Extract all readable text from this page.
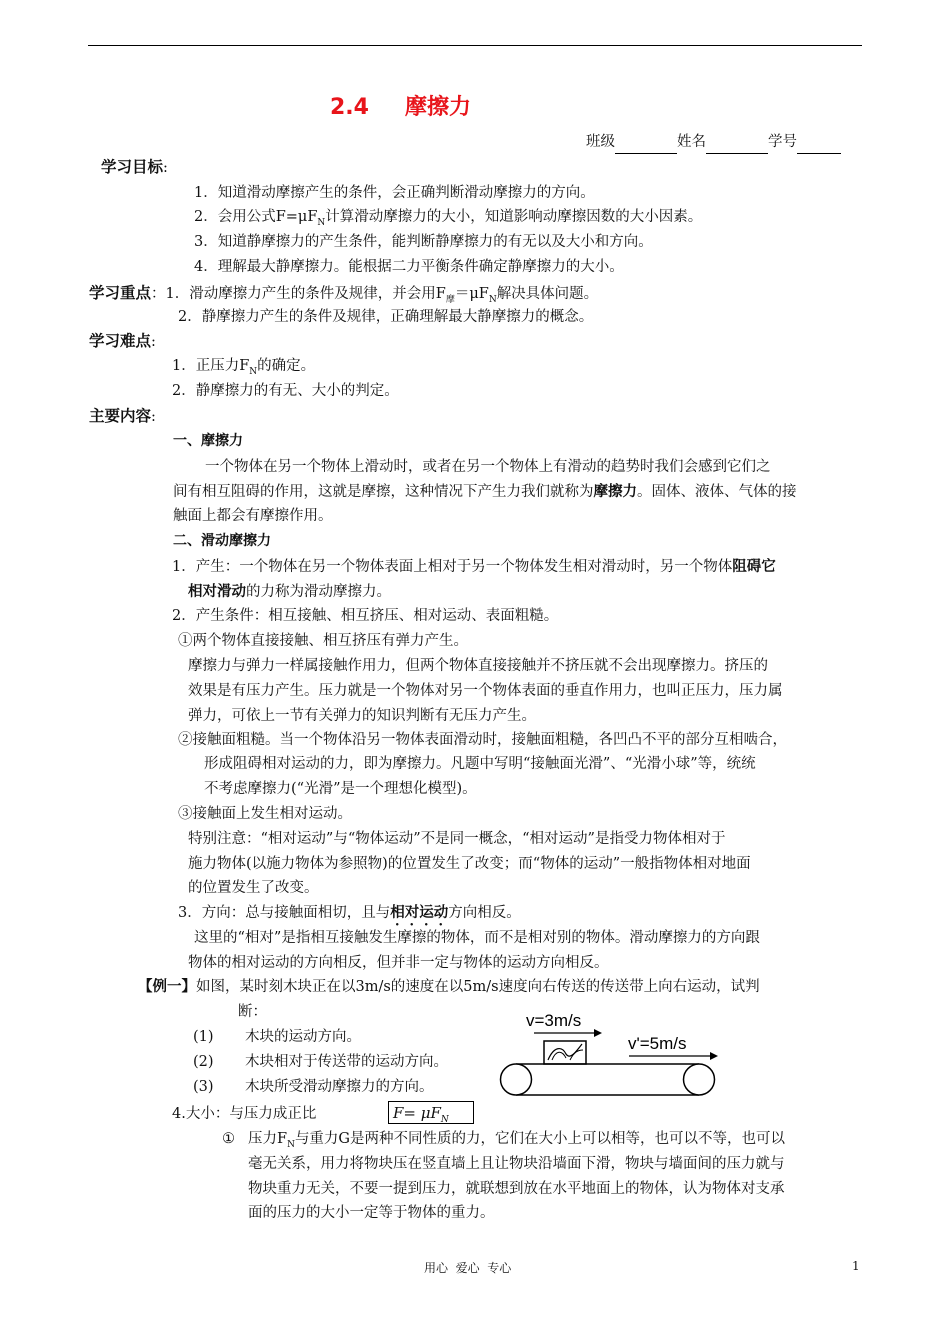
2.4 摩擦力
班级	姓名	学号
学习目标:
1．知道滑动摩擦产生的条件，会正确判断滑动摩擦力的方向。
2．会用公式$F=\mu F_N$计算滑动摩擦力的大小，知道影响动摩擦因数的大小因素。
3．知道静摩擦力的产生条件，能判断静摩擦力的有无以及大小和方向。
4．理解最大静摩擦力。能根据二力平衡条件确定静摩擦力的大小。
学习重点：1．滑动摩擦力产生的条件及规律，并会用$F_摩=\mu F_N$解决具体问题。
2．静摩擦力产生的条件及规律，正确理解最大静摩擦力的概念。
学习难点:
1．正压力$F_N$的确定。
2．静摩擦力的有无、大小的判定。
主要内容:
一、摩擦力
一个物体在另一个物体上滑动时，或者在另一个物体上有滑动的趋势时我们会感到它们之
间有相互阻碍的作用，这就是摩擦，这种情况下产生力我们就称为摩擦力。固体、液体、气体的接
触面上都会有摩擦作用。
二、滑动摩擦力
1．产生：一个物体在另一个物体表面上相对于另一个物体发生相对滑动时，另一个物体阻碍它
相对滑动的力称为滑动摩擦力。
2．产生条件：相互接触、相互挤压、相对运动、表面粗糙。
①两个物体直接接触、相互挤压有弹力产生。
摩擦力与弹力一样属接触作用力，但两个物体直接接触并不挤压就不会出现摩擦力。挤压的
效果是有压力产生。压力就是一个物体对另一个物体表面的垂直作用力，也叫正压力，压力属
弹力，可依上一节有关弹力的知识判断有无压力产生。
②接触面粗糙。当一个物体沿另一物体表面滑动时，接触面粗糙，各凹凸不平的部分互相啮合，
形成阻碍相对运动的力，即为摩擦力。凡题中写明“接触面光滑”、“光滑小球”等，统统
不考虑摩擦力(“光滑”是一个理想化模型)。
③接触面上发生相对运动。
特别注意：“相对运动”与“物体运动”不是同一概念，“相对运动”是指受力物体相对于
施力物体(以施力物体为参照物)的位置发生了改变；而“物体的运动”一般指物体相对地面
的位置发生了改变。
3．方向：总与接触面相切，且与相对运动方向相反。
这里的“相对”是指相互接触发生摩擦的物体，而不是相对别的物体。滑动摩擦力的方向跟
物体的相对运动的方向相反，但并非一定与物体的运动方向相反。
【例一】如图，某时刻木块正在以3m/s的速度在以5m/s速度向右传送的传送带上向右运动，试判
断：
(1) 木块的运动方向。
(2) 木块相对于传送带的运动方向。
(3) 木块所受滑动摩擦力的方向。
v=3m/s
v'=5m/s
4.大小：与压力成正比	$F= \mu F_N$
① 压力$F_N$与重力G是两种不同性质的力，它们在大小上可以相等，也可以不等，也可以
毫无关系，用力将物块压在竖直墙上且让物块沿墙面下滑，物块与墙面间的压力就与
物块重力无关，不要一提到压力，就联想到放在水平地面上的物体，认为物体对支承
面的压力的大小一定等于物体的重力。
用心  爱心  专心	1
